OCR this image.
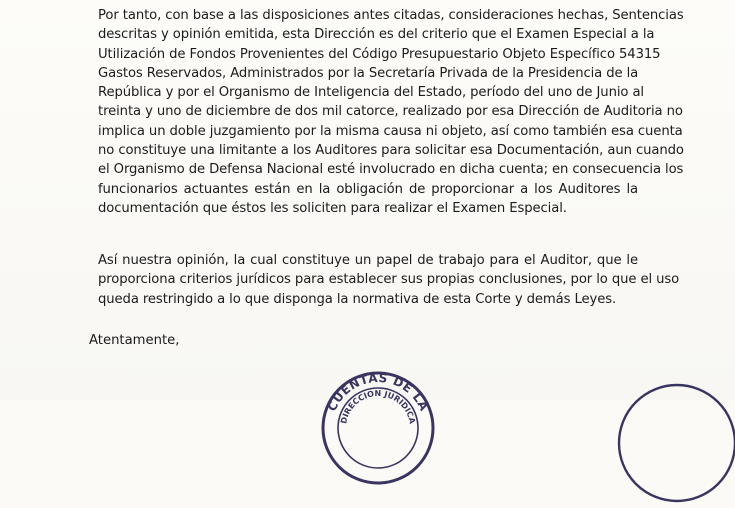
Por tanto, con base a las disposiciones antes citadas, consideraciones hechas, Sentencias
descritas y opinión emitida, esta Dirección es del criterio que el Examen Especial a la
Utilización de Fondos Provenientes del Código Presupuestario Objeto Específico 54315
Gastos Reservados, Administrados por la Secretaría Privada de la Presidencia de la
República y por el Organismo de Inteligencia del Estado, período del uno de Junio al
treinta y uno de diciembre de dos mil catorce, realizado por esa Dirección de Auditoria no
implica un doble juzgamiento por la misma causa ni objeto, así como también esa cuenta
no constituye una limitante a los Auditores para solicitar esa Documentación, aun cuando
el Organismo de Defensa Nacional esté involucrado en dicha cuenta; en consecuencia los
funcionarios actuantes están en la obligación de proporcionar a los Auditores la
documentación que éstos les soliciten para realizar el Examen Especial.
Así nuestra opinión, la cual constituye un papel de trabajo para el Auditor, que le
proporciona criterios jurídicos para establecer sus propias conclusiones, por lo que el uso
queda restringido a lo que disponga la normativa de esta Corte y demás Leyes.
Atentamente,
CUENTAS DE LA
DIRECCION JURIDICA
